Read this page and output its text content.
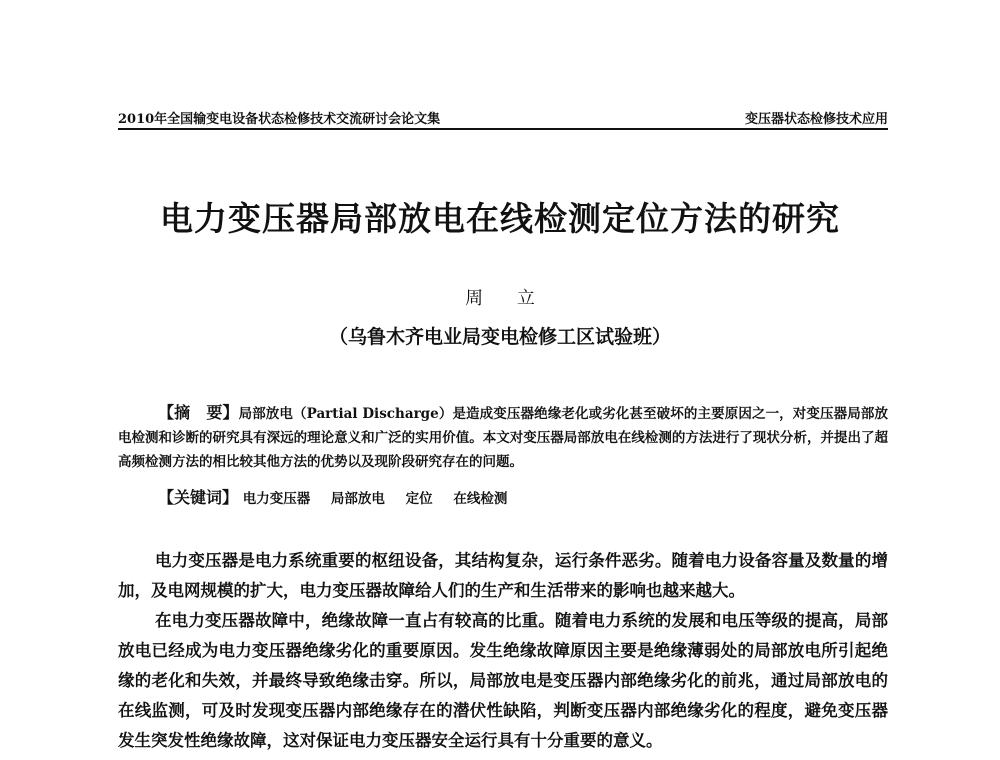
2010年全国输变电设备状态检修技术交流研讨会论文集	变压器状态检修技术应用
电力变压器局部放电在线检测定位方法的研究
周 立
（乌鲁木齐电业局变电检修工区试验班）
【摘　要】局部放电（Partial Discharge）是造成变压器绝缘老化或劣化甚至破坏的主要原因之一，对变压器局部放电检测和诊断的研究具有深远的理论意义和广泛的实用价值。本文对变压器局部放电在线检测的方法进行了现状分析，并提出了超高频检测方法的相比较其他方法的优势以及现阶段研究存在的问题。
【关键词】 电力变压器 局部放电 定位 在线检测

电力变压器是电力系统重要的枢纽设备，其结构复杂，运行条件恶劣。随着电力设备容量及数量的增加，及电网规模的扩大，电力变压器故障给人们的生产和生活带来的影响也越来越大。

在电力变压器故障中，绝缘故障一直占有较高的比重。随着电力系统的发展和电压等级的提高，局部放电已经成为电力变压器绝缘劣化的重要原因。发生绝缘故障原因主要是绝缘薄弱处的局部放电所引起绝缘的老化和失效，并最终导致绝缘击穿。所以，局部放电是变压器内部绝缘劣化的前兆，通过局部放电的在线监测，可及时发现变压器内部绝缘存在的潜伏性缺陷，判断变压器内部绝缘劣化的程度，避免变压器发生突发性绝缘故障，这对保证电力变压器安全运行具有十分重要的意义。
